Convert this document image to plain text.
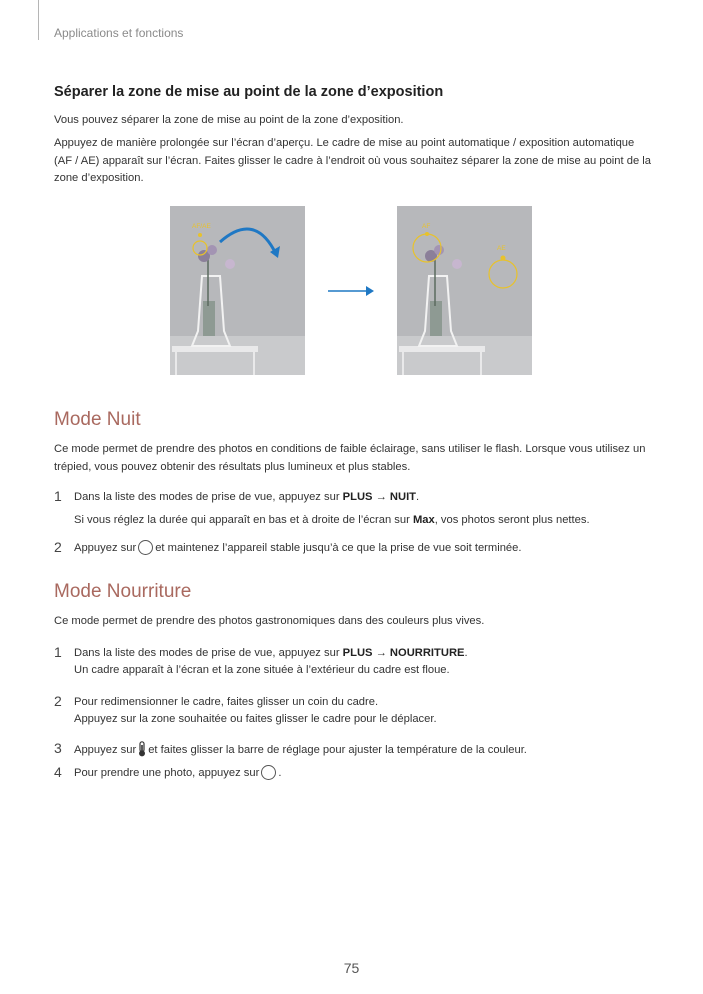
Applications et fonctions
Séparer la zone de mise au point de la zone d’exposition

Vous pouvez séparer la zone de mise au point de la zone d’exposition.

Appuyez de manière prolongée sur l’écran d’aperçu. Le cadre de mise au point automatique / exposition automatique (AF / AE) apparaît sur l’écran. Faites glisser le cadre à l’endroit où vous souhaitez séparer la zone de mise au point de la zone d’exposition.

AF/AE	AF
AE
Mode Nuit

Ce mode permet de prendre des photos en conditions de faible éclairage, sans utiliser le flash. Lorsque vous utilisez un trépied, vous pouvez obtenir des résultats plus lumineux et plus stables.

1 Dans la liste des modes de prise de vue, appuyez sur PLUS → NUIT.
Si vous réglez la durée qui apparaît en bas et à droite de l’écran sur Max, vos photos seront plus nettes.
2 Appuyez sur et maintenez l’appareil stable jusqu’à ce que la prise de vue soit terminée.
Mode Nourriture

Ce mode permet de prendre des photos gastronomiques dans des couleurs plus vives.

1 Dans la liste des modes de prise de vue, appuyez sur PLUS → NOURRITURE.
Un cadre apparaît à l’écran et la zone située à l’extérieur du cadre est floue.
2 Pour redimensionner le cadre, faites glisser un coin du cadre.
Appuyez sur la zone souhaitée ou faites glisser le cadre pour le déplacer.
3 Appuyez sur et faites glisser la barre de réglage pour ajuster la température de la couleur.
4 Pour prendre une photo, appuyez sur .
75
